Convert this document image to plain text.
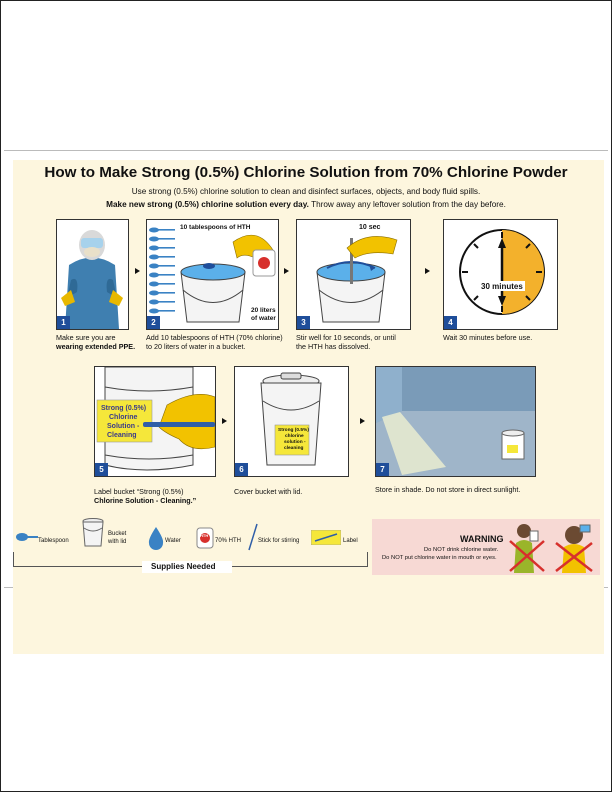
How to Make Strong (0.5%) Chlorine Solution from 70% Chlorine Powder
Use strong (0.5%) chlorine solution to clean and disinfect surfaces, objects, and body fluid spills.
Make new strong (0.5%) chlorine solution every day. Throw away any leftover solution from the day before.
1
Make sure you are
wearing extended PPE.
10 tablespoons of HTH
20 liters
of water
2
Add 10 tablespoons of HTH (70% chlorine)
to 20 liters of water in a bucket.
10 sec
3
Stir well for 10 seconds, or until
the HTH has dissolved.
30 minutes
4
Wait 30 minutes before use.
Strong (0.5%)
Chlorine
Solution -
Cleaning
5
Label bucket “Strong (0.5%)
Chlorine Solution - Cleaning.”
Strong (0.5%)
chlorine
solution -
cleaning
6
Cover bucket with lid.
7
Store in shade. Do not store in direct sunlight.
Supplies Needed
Tablespoon
Bucket with lid	Water
HTH
70% HTH	Stick for stirring	Label	WARNING
Do NOT drink chlorine water.
Do NOT put chlorine water in mouth or eyes.
